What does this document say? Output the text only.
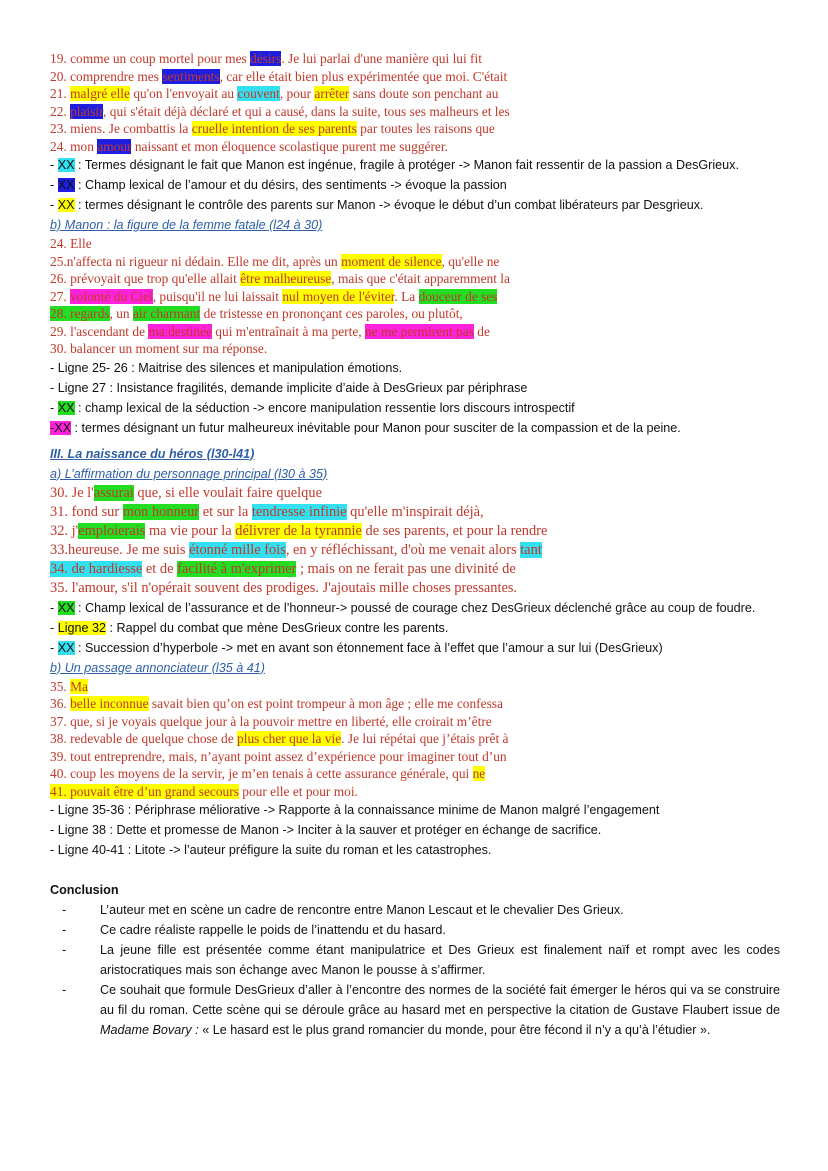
19. comme un coup mortel pour mes désirs. Je lui parlai d'une manière qui lui fit
20. comprendre mes sentiments, car elle était bien plus expérimentée que moi. C'était
21. malgré elle qu'on l'envoyait au couvent, pour arrêter sans doute son penchant au
22. plaisir, qui s'était déjà déclaré et qui a causé, dans la suite, tous ses malheurs et les
23. miens. Je combattis la cruelle intention de ses parents par toutes les raisons que
24. mon amour naissant et mon éloquence scolastique purent me suggérer.
- XX : Termes désignant le fait que Manon est ingénue, fragile à protéger -> Manon fait ressentir de la passion a DesGrieux.
- XX : Champ lexical de l’amour et du désirs, des sentiments -> évoque la passion
- XX : termes désignant le contrôle des parents sur Manon -> évoque le début d’un combat libérateurs par Desgrieux.
b) Manon : la figure de la femme fatale (l24 à 30)
24. Elle
25.n'affecta ni rigueur ni dédain. Elle me dit, après un moment de silence, qu'elle ne
26. prévoyait que trop qu'elle allait être malheureuse, mais que c'était apparemment la
27. volonté du Ciel, puisqu'il ne lui laissait nul moyen de l'éviter. La douceur de ses
28. regards, un air charmant de tristesse en prononçant ces paroles, ou plutôt,
29. l'ascendant de ma destinée qui m'entraînait à ma perte, ne me permirent pas de
30. balancer un moment sur ma réponse.
- Ligne 25- 26 : Maitrise des silences et manipulation émotions.
- Ligne 27 : Insistance fragilités, demande implicite d’aide à DesGrieux par périphrase
- XX : champ lexical de la séduction -> encore manipulation ressentie lors discours introspectif
-XX : termes désignant un futur malheureux inévitable pour Manon pour susciter de la compassion et de la peine.
III. La naissance du héros (l30-l41)
a) L’affirmation du personnage principal (l30 à 35)
30. Je l'assurai que, si elle voulait faire quelque
31. fond sur mon honneur et sur la tendresse infinie qu'elle m'inspirait déjà,
32. j'emploierais ma vie pour la délivrer de la tyrannie de ses parents, et pour la rendre
33.heureuse. Je me suis étonné mille fois, en y réfléchissant, d'où me venait alors tant
34. de hardiesse et de facilité à m'exprimer ; mais on ne ferait pas une divinité de
35. l'amour, s'il n'opérait souvent des prodiges. J'ajoutais mille choses pressantes.
- XX : Champ lexical de l’assurance et de l’honneur-> poussé de courage chez DesGrieux déclenché grâce au coup de foudre.
- Ligne 32 : Rappel du combat que mène DesGrieux contre les parents.
- XX : Succession d’hyperbole -> met en avant son étonnement face à l’effet que l’amour a sur lui (DesGrieux)
b) Un passage annonciateur (l35 à 41)
35. Ma
36. belle inconnue savait bien qu’on est point trompeur à mon âge ; elle me confessa
37. que, si je voyais quelque jour à la pouvoir mettre en liberté, elle croirait m’être
38. redevable de quelque chose de plus cher que la vie. Je lui répétai que j’étais prêt à
39. tout entreprendre, mais, n’ayant point assez d’expérience pour imaginer tout d’un
40. coup les moyens de la servir, je m’en tenais à cette assurance générale, qui ne
41. pouvait être d’un grand secours pour elle et pour moi.
- Ligne 35-36 : Périphrase méliorative -> Rapporte à la connaissance minime de Manon malgré l’engagement
- Ligne 38 : Dette et promesse de Manon -> Inciter à la sauver et protéger en échange de sacrifice.
- Ligne 40-41 : Litote -> l’auteur préfigure la suite du roman et les catastrophes.
Conclusion
-	L’auteur met en scène un cadre de rencontre entre Manon Lescaut et le chevalier Des Grieux.
-	Ce cadre réaliste rappelle le poids de l’inattendu et du hasard.
-	La jeune fille est présentée comme étant manipulatrice et Des Grieux est finalement naïf et rompt avec les codes aristocratiques mais son échange avec Manon le pousse à s’affirmer.
-	Ce souhait que formule DesGrieux d’aller à l’encontre des normes de la société fait émerger le héros qui va se construire au fil du roman. Cette scène qui se déroule grâce au hasard met en perspective la citation de Gustave Flaubert issue de Madame Bovary : « Le hasard est le plus grand romancier du monde, pour être fécond il n’y a qu’à l’étudier ».
